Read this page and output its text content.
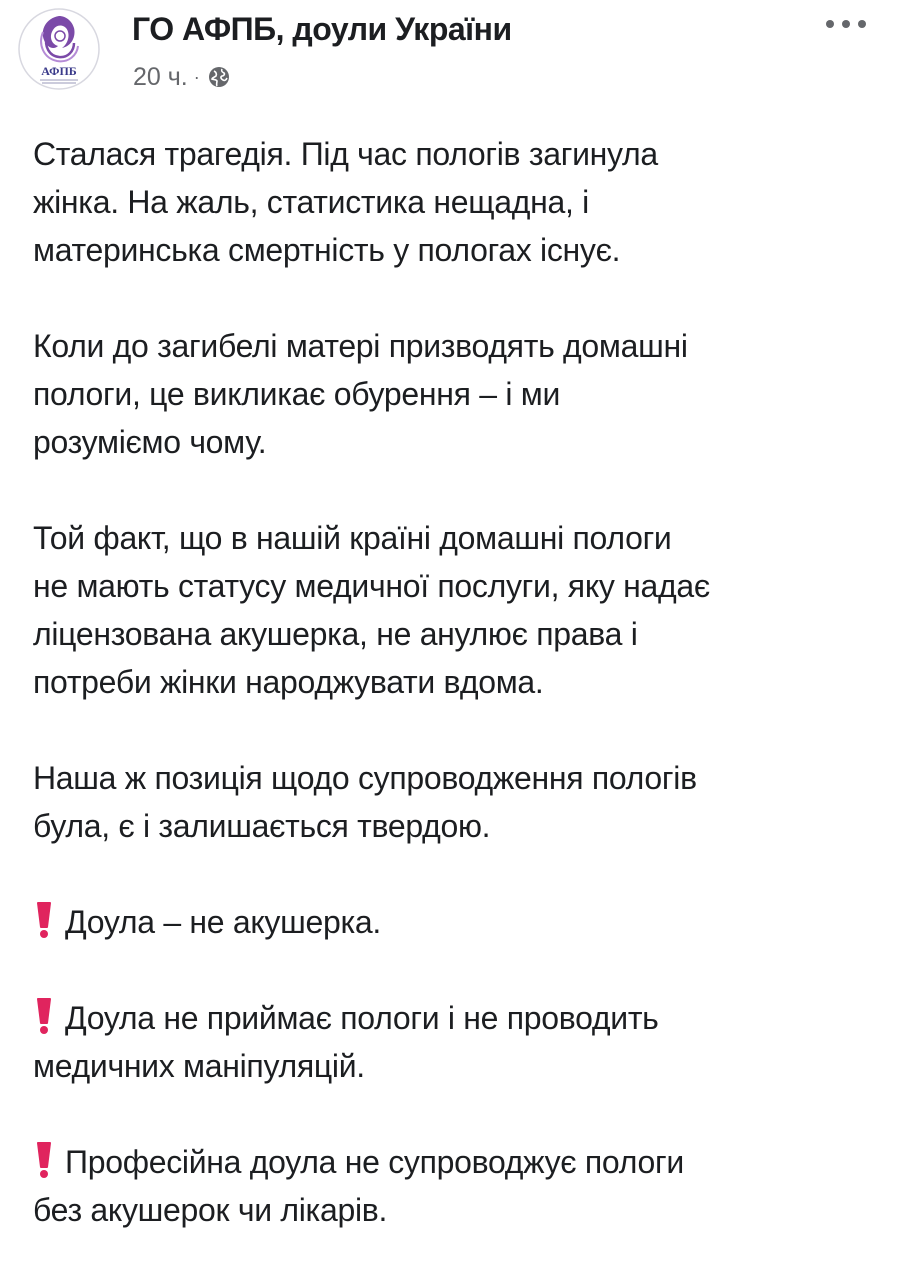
АФПБ
ГО АФПБ, доули України
20 ч. ·

Сталася трагедія. Під час пологів загинула
жінка. На жаль, статистика нещадна, і
материнська смертність у пологах існує.

Коли до загибелі матері призводять домашні
пологи, це викликає обурення – і ми
розуміємо чому.

Той факт, що в нашій країні домашні пологи
не мають статусу медичної послуги, яку надає
ліцензована акушерка, не анулює права і
потреби жінки народжувати вдома.

Наша ж позиція щодо супроводження пологів
була, є і залишається твердою.

Доула – не акушерка.

Доула не приймає пологи і не проводить
медичних маніпуляцій.

Професійна доула не супроводжує пологи
без акушерок чи лікарів.
